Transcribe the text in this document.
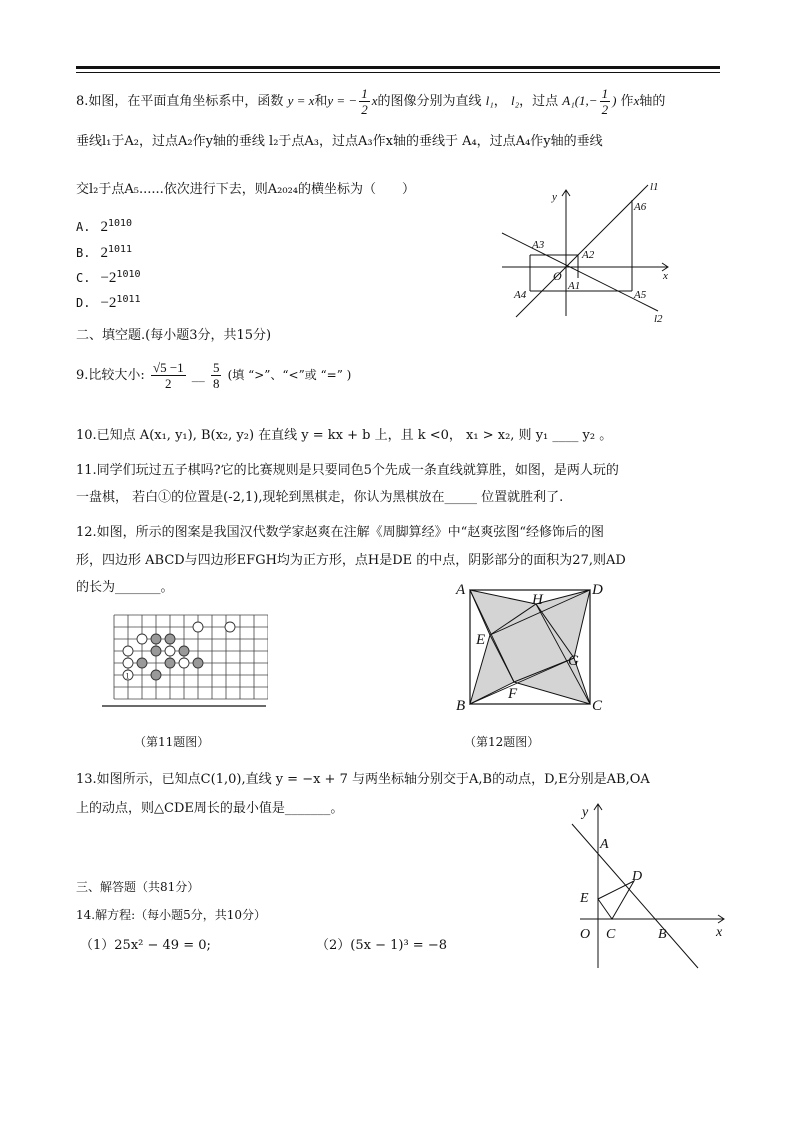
8.如图，在平面直角坐标系中，函数 y = x和y = − $\frac{1}{2}$ x的图像分别为直线 l₁， l₂，过点 $A_1(1,- \frac{1}{2}$ ) 作x轴的
垂线l₁于A₂，过点A₂作y轴的垂线 l₂于点A₃，过点A₃作x轴的垂线于 A₄，过点A₄作y轴的垂线
交l₂于点A₅......依次进行下去，则A₂₀₂₄的横坐标为（　　）
A. $2^{1010}$
B. $2^{1011}$
C. $-2^{1010}$
D. $-2^{1011}$
y
x
O
l1
l2
A1
A2
A3
A4	A5
A6
二、填空题.(每小题3分，共15分)
9.比较大小: $\frac{√5 -1}{2}$ __ $\frac{5}{8}$ (填 “>”、“<”或 “=” )
10.已知点 A(x₁, y₁), B(x₂, y₂) 在直线 y = kx + b 上，且 k <0， x₁ > x₂, 则 y₁ ____ y₂ 。
11.同学们玩过五子棋吗?它的比赛规则是只要同色5个先成一条直线就算胜，如图，是两人玩的
一盘棋， 若白①的位置是(-2,1),现轮到黑棋走，你认为黑棋放在_____ 位置就胜利了.
12.如图，所示的图案是我国汉代数学家赵爽在注解《周脚算经》中“赵爽弦图“经修饰后的图
形，四边形 ABCD与四边形EFGH均为正方形，点H是DE 的中点，阴影部分的面积为27,则AD
的长为_______。
1
（第11题图）
A	D
B	C
H
E
G
F
（第12题图）
13.如图所示，已知点C(1,0),直线 y = −x + 7 与两坐标轴分别交于A,B的动点，D,E分别是AB,OA
上的动点，则△CDE周长的最小值是_______。	y
x
A
B
C
D
E
O
三、解答题（共81分）
14.解方程:（每小题5分，共10分）
（1）25x² − 49 = 0;	（2）(5x − 1)³ = −8
